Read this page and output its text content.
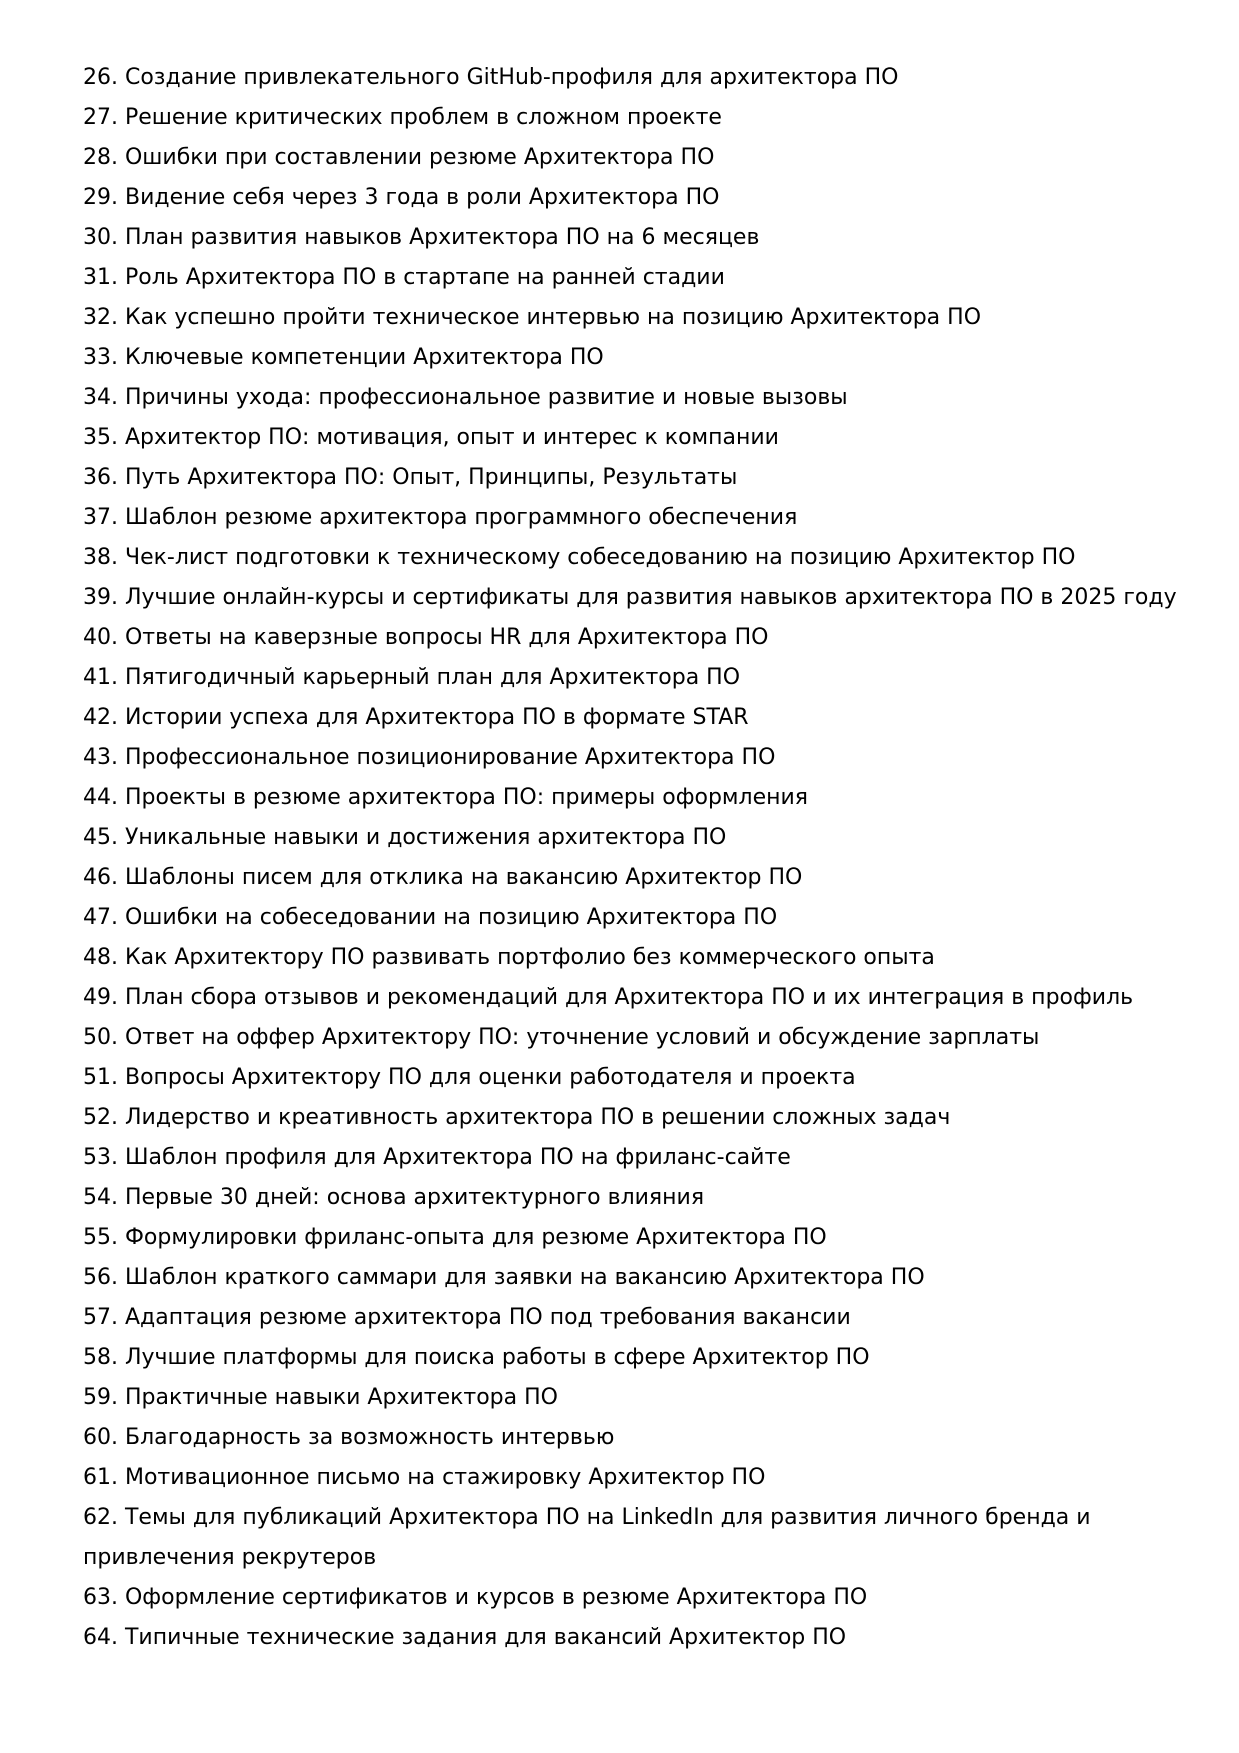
26. Создание привлекательного GitHub-профиля для архитектора ПО
27. Решение критических проблем в сложном проекте
28. Ошибки при составлении резюме Архитектора ПО
29. Видение себя через 3 года в роли Архитектора ПО
30. План развития навыков Архитектора ПО на 6 месяцев
31. Роль Архитектора ПО в стартапе на ранней стадии
32. Как успешно пройти техническое интервью на позицию Архитектора ПО
33. Ключевые компетенции Архитектора ПО
34. Причины ухода: профессиональное развитие и новые вызовы
35. Архитектор ПО: мотивация, опыт и интерес к компании
36. Путь Архитектора ПО: Опыт, Принципы, Результаты
37. Шаблон резюме архитектора программного обеспечения
38. Чек-лист подготовки к техническому собеседованию на позицию Архитектор ПО
39. Лучшие онлайн-курсы и сертификаты для развития навыков архитектора ПО в 2025 году
40. Ответы на каверзные вопросы HR для Архитектора ПО
41. Пятигодичный карьерный план для Архитектора ПО
42. Истории успеха для Архитектора ПО в формате STAR
43. Профессиональное позиционирование Архитектора ПО
44. Проекты в резюме архитектора ПО: примеры оформления
45. Уникальные навыки и достижения архитектора ПО
46. Шаблоны писем для отклика на вакансию Архитектор ПО
47. Ошибки на собеседовании на позицию Архитектора ПО
48. Как Архитектору ПО развивать портфолио без коммерческого опыта
49. План сбора отзывов и рекомендаций для Архитектора ПО и их интеграция в профиль
50. Ответ на оффер Архитектору ПО: уточнение условий и обсуждение зарплаты
51. Вопросы Архитектору ПО для оценки работодателя и проекта
52. Лидерство и креативность архитектора ПО в решении сложных задач
53. Шаблон профиля для Архитектора ПО на фриланс-сайте
54. Первые 30 дней: основа архитектурного влияния
55. Формулировки фриланс-опыта для резюме Архитектора ПО
56. Шаблон краткого саммари для заявки на вакансию Архитектора ПО
57. Адаптация резюме архитектора ПО под требования вакансии
58. Лучшие платформы для поиска работы в сфере Архитектор ПО
59. Практичные навыки Архитектора ПО
60. Благодарность за возможность интервью
61. Мотивационное письмо на стажировку Архитектор ПО
62. Темы для публикаций Архитектора ПО на LinkedIn для развития личного бренда и привлечения рекрутеров
63. Оформление сертификатов и курсов в резюме Архитектора ПО
64. Типичные технические задания для вакансий Архитектор ПО
